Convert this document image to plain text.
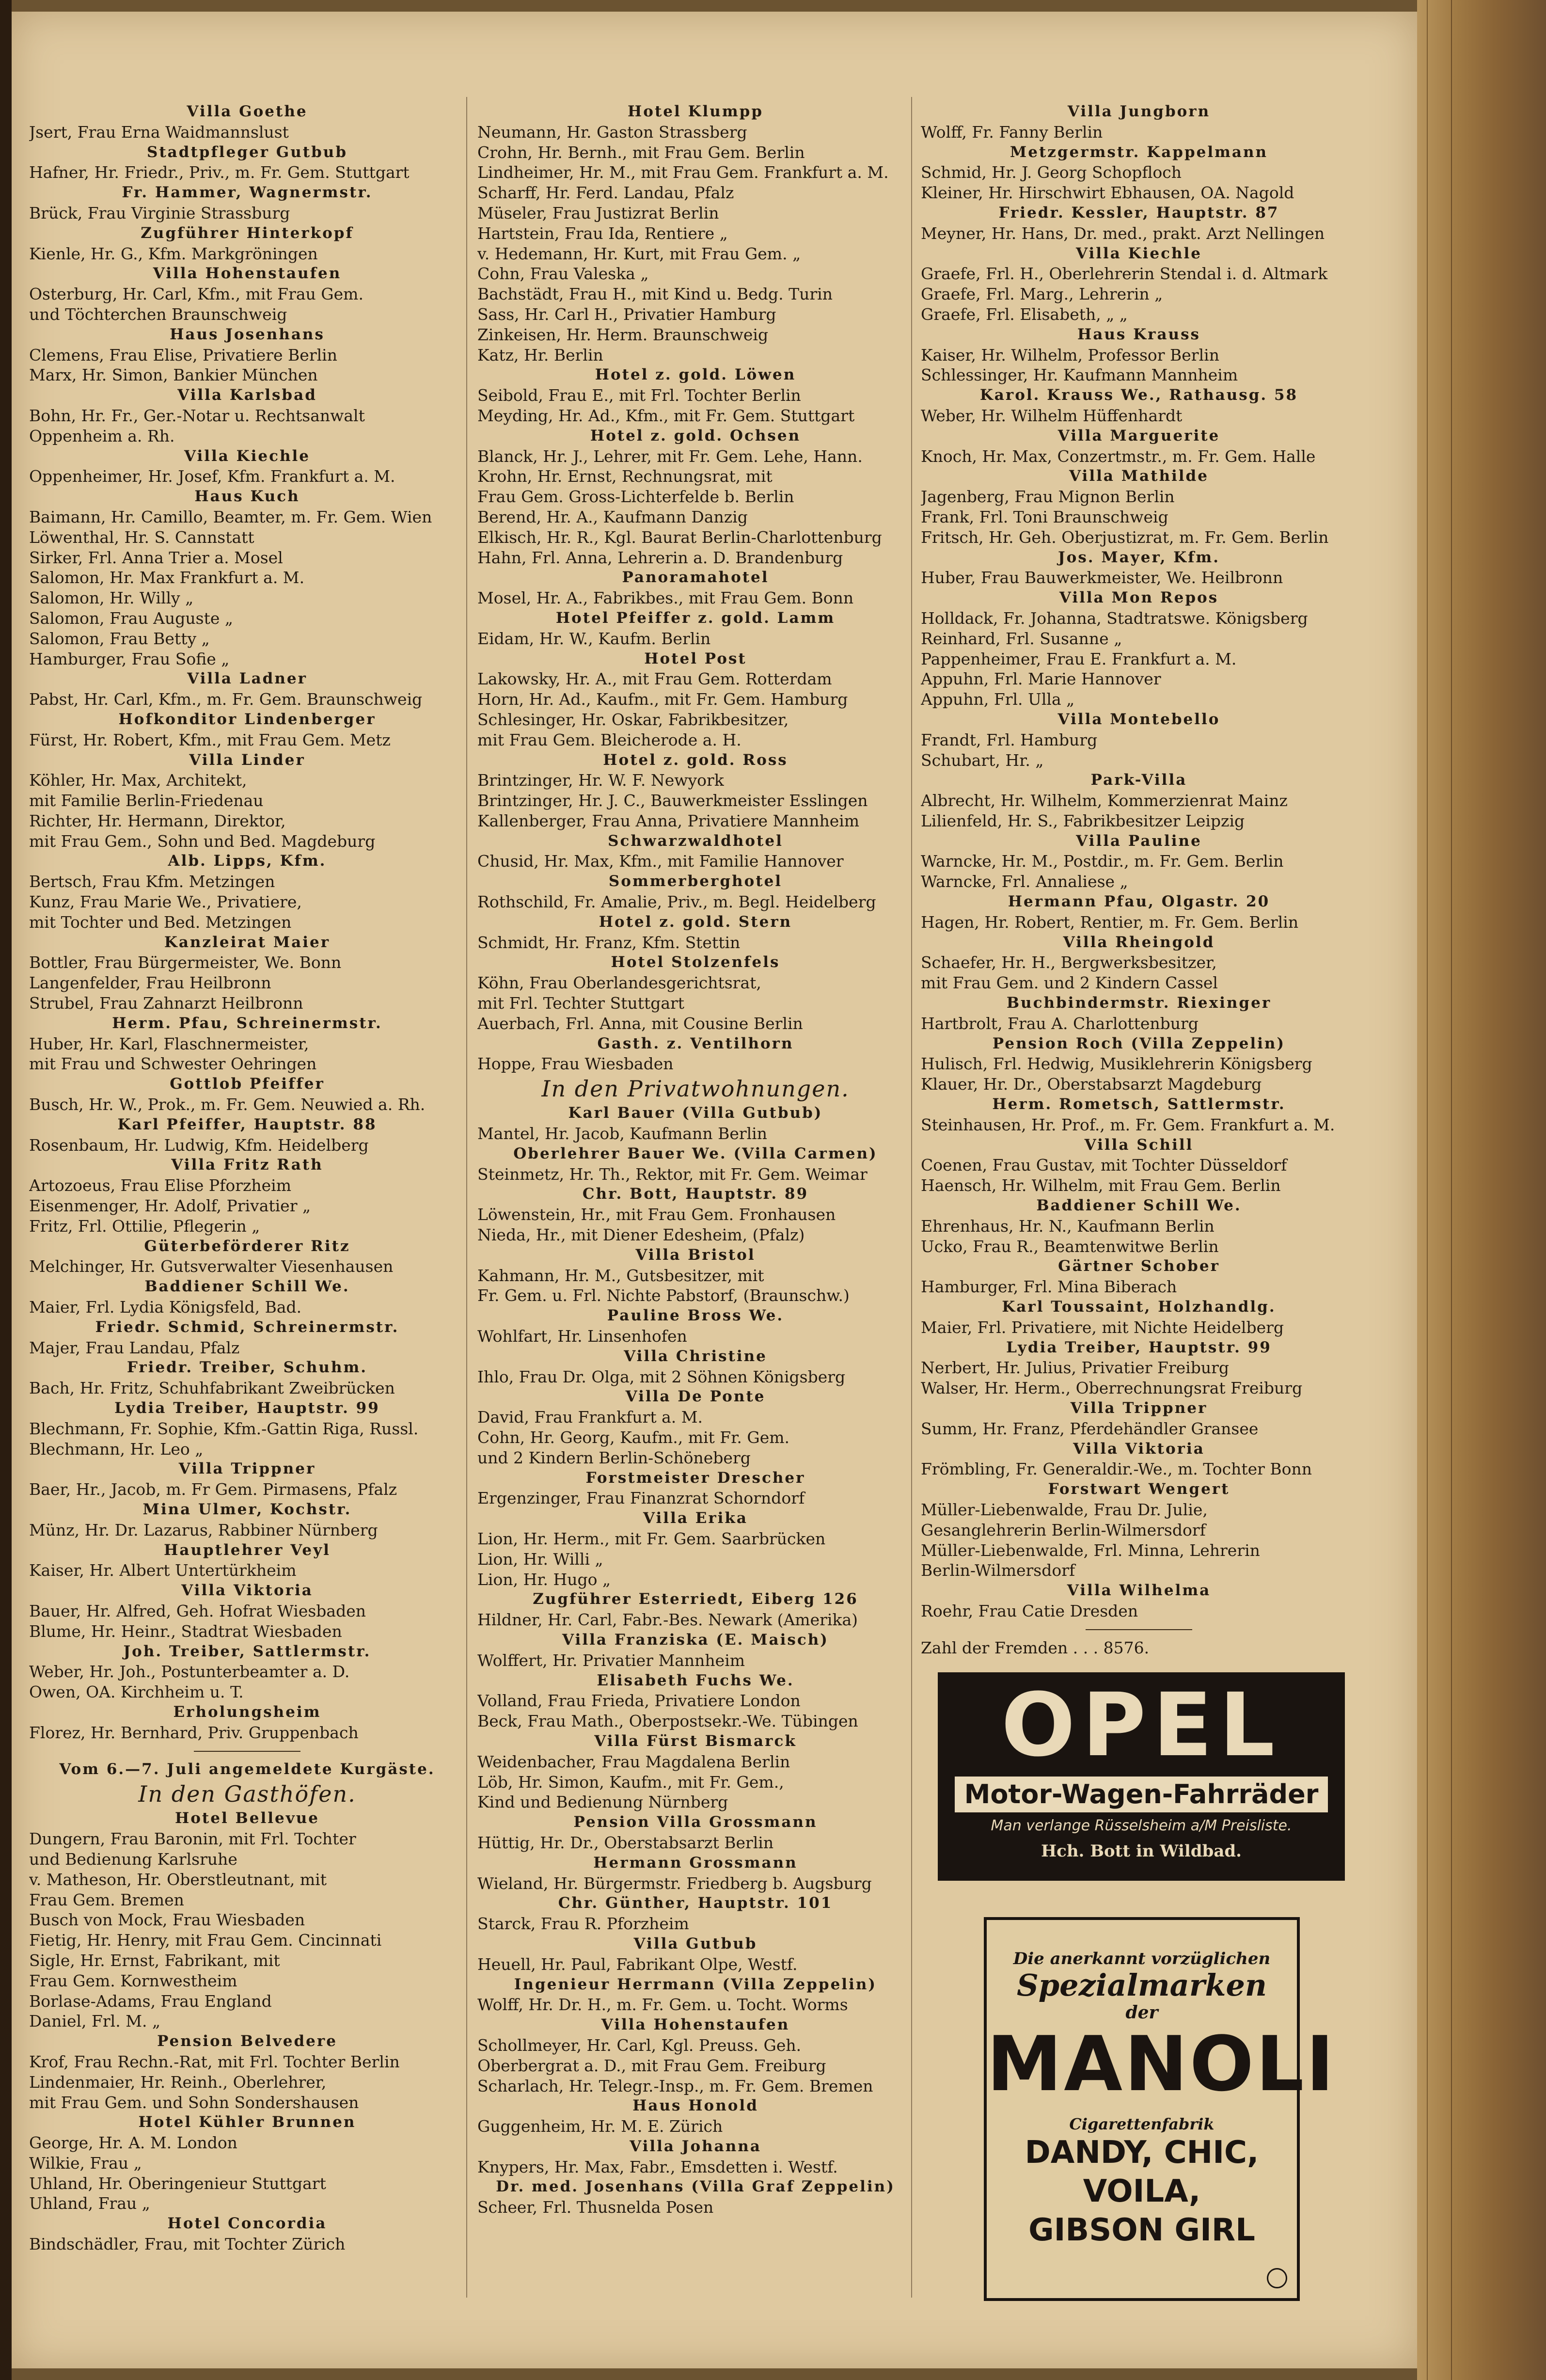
Villa Goethe
Jsert, Frau Erna Waidmannslust
Stadtpfleger Gutbub
Hafner, Hr. Friedr., Priv., m. Fr. Gem. Stuttgart
Fr. Hammer, Wagnermstr.
Brück, Frau Virginie Strassburg
Zugführer Hinterkopf
Kienle, Hr. G., Kfm. Markgröningen
Villa Hohenstaufen
Osterburg, Hr. Carl, Kfm., mit Frau Gem.
und Töchterchen Braunschweig
Haus Josenhans
Clemens, Frau Elise, Privatiere Berlin
Marx, Hr. Simon, Bankier München
Villa Karlsbad
Bohn, Hr. Fr., Ger.-Notar u. Rechtsanwalt
Oppenheim a. Rh.
Villa Kiechle
Oppenheimer, Hr. Josef, Kfm. Frankfurt a. M.
Haus Kuch
Baimann, Hr. Camillo, Beamter, m. Fr. Gem. Wien
Löwenthal, Hr. S. Cannstatt
Sirker, Frl. Anna Trier a. Mosel
Salomon, Hr. Max Frankfurt a. M.
Salomon, Hr. Willy „
Salomon, Frau Auguste „
Salomon, Frau Betty „
Hamburger, Frau Sofie „
Villa Ladner
Pabst, Hr. Carl, Kfm., m. Fr. Gem. Braunschweig
Hofkonditor Lindenberger
Fürst, Hr. Robert, Kfm., mit Frau Gem. Metz
Villa Linder
Köhler, Hr. Max, Architekt,
mit Familie Berlin-Friedenau
Richter, Hr. Hermann, Direktor,
mit Frau Gem., Sohn und Bed. Magdeburg
Alb. Lipps, Kfm.
Bertsch, Frau Kfm. Metzingen
Kunz, Frau Marie We., Privatiere,
mit Tochter und Bed. Metzingen
Kanzleirat Maier
Bottler, Frau Bürgermeister, We. Bonn
Langenfelder, Frau Heilbronn
Strubel, Frau Zahnarzt Heilbronn
Herm. Pfau, Schreinermstr.
Huber, Hr. Karl, Flaschnermeister,
mit Frau und Schwester Oehringen
Gottlob Pfeiffer
Busch, Hr. W., Prok., m. Fr. Gem. Neuwied a. Rh.
Karl Pfeiffer, Hauptstr. 88
Rosenbaum, Hr. Ludwig, Kfm. Heidelberg
Villa Fritz Rath
Artozoeus, Frau Elise Pforzheim
Eisenmenger, Hr. Adolf, Privatier „
Fritz, Frl. Ottilie, Pflegerin „
Güterbeförderer Ritz
Melchinger, Hr. Gutsverwalter Viesenhausen
Baddiener Schill We.
Maier, Frl. Lydia Königsfeld, Bad.
Friedr. Schmid, Schreinermstr.
Majer, Frau Landau, Pfalz
Friedr. Treiber, Schuhm.
Bach, Hr. Fritz, Schuhfabrikant Zweibrücken
Lydia Treiber, Hauptstr. 99
Blechmann, Fr. Sophie, Kfm.-Gattin Riga, Russl.
Blechmann, Hr. Leo „
Villa Trippner
Baer, Hr., Jacob, m. Fr Gem. Pirmasens, Pfalz
Mina Ulmer, Kochstr.
Münz, Hr. Dr. Lazarus, Rabbiner Nürnberg
Hauptlehrer Veyl
Kaiser, Hr. Albert Untertürkheim
Villa Viktoria
Bauer, Hr. Alfred, Geh. Hofrat Wiesbaden
Blume, Hr. Heinr., Stadtrat Wiesbaden
Joh. Treiber, Sattlermstr.
Weber, Hr. Joh., Postunterbeamter a. D.
Owen, OA. Kirchheim u. T.
Erholungsheim
Florez, Hr. Bernhard, Priv. Gruppenbach
Vom 6.—7. Juli angemeldete Kurgäste.
In den Gasthöfen.
Hotel Bellevue
Dungern, Frau Baronin, mit Frl. Tochter
und Bedienung Karlsruhe
v. Matheson, Hr. Oberstleutnant, mit
Frau Gem. Bremen
Busch von Mock, Frau Wiesbaden
Fietig, Hr. Henry, mit Frau Gem. Cincinnati
Sigle, Hr. Ernst, Fabrikant, mit
Frau Gem. Kornwestheim
Borlase-Adams, Frau England
Daniel, Frl. M. „
Pension Belvedere
Krof, Frau Rechn.-Rat, mit Frl. Tochter Berlin
Lindenmaier, Hr. Reinh., Oberlehrer,
mit Frau Gem. und Sohn Sondershausen
Hotel Kühler Brunnen
George, Hr. A. M. London
Wilkie, Frau „
Uhland, Hr. Oberingenieur Stuttgart
Uhland, Frau „
Hotel Concordia
Bindschädler, Frau, mit Tochter Zürich
Hotel Klumpp
Neumann, Hr. Gaston Strassberg
Crohn, Hr. Bernh., mit Frau Gem. Berlin
Lindheimer, Hr. M., mit Frau Gem. Frankfurt a. M.
Scharff, Hr. Ferd. Landau, Pfalz
Müseler, Frau Justizrat Berlin
Hartstein, Frau Ida, Rentiere „
v. Hedemann, Hr. Kurt, mit Frau Gem. „
Cohn, Frau Valeska „
Bachstädt, Frau H., mit Kind u. Bedg. Turin
Sass, Hr. Carl H., Privatier Hamburg
Zinkeisen, Hr. Herm. Braunschweig
Katz, Hr. Berlin
Hotel z. gold. Löwen
Seibold, Frau E., mit Frl. Tochter Berlin
Meyding, Hr. Ad., Kfm., mit Fr. Gem. Stuttgart
Hotel z. gold. Ochsen
Blanck, Hr. J., Lehrer, mit Fr. Gem. Lehe, Hann.
Krohn, Hr. Ernst, Rechnungsrat, mit
Frau Gem. Gross-Lichterfelde b. Berlin
Berend, Hr. A., Kaufmann Danzig
Elkisch, Hr. R., Kgl. Baurat Berlin-Charlottenburg
Hahn, Frl. Anna, Lehrerin a. D. Brandenburg
Panoramahotel
Mosel, Hr. A., Fabrikbes., mit Frau Gem. Bonn
Hotel Pfeiffer z. gold. Lamm
Eidam, Hr. W., Kaufm. Berlin
Hotel Post
Lakowsky, Hr. A., mit Frau Gem. Rotterdam
Horn, Hr. Ad., Kaufm., mit Fr. Gem. Hamburg
Schlesinger, Hr. Oskar, Fabrikbesitzer,
mit Frau Gem. Bleicherode a. H.
Hotel z. gold. Ross
Brintzinger, Hr. W. F. Newyork
Brintzinger, Hr. J. C., Bauwerkmeister Esslingen
Kallenberger, Frau Anna, Privatiere Mannheim
Schwarzwaldhotel
Chusid, Hr. Max, Kfm., mit Familie Hannover
Sommerberghotel
Rothschild, Fr. Amalie, Priv., m. Begl. Heidelberg
Hotel z. gold. Stern
Schmidt, Hr. Franz, Kfm. Stettin
Hotel Stolzenfels
Köhn, Frau Oberlandesgerichtsrat,
mit Frl. Techter Stuttgart
Auerbach, Frl. Anna, mit Cousine Berlin
Gasth. z. Ventilhorn
Hoppe, Frau Wiesbaden
In den Privatwohnungen.
Karl Bauer (Villa Gutbub)
Mantel, Hr. Jacob, Kaufmann Berlin
Oberlehrer Bauer We. (Villa Carmen)
Steinmetz, Hr. Th., Rektor, mit Fr. Gem. Weimar
Chr. Bott, Hauptstr. 89
Löwenstein, Hr., mit Frau Gem. Fronhausen
Nieda, Hr., mit Diener Edesheim, (Pfalz)
Villa Bristol
Kahmann, Hr. M., Gutsbesitzer, mit
Fr. Gem. u. Frl. Nichte Pabstorf, (Braunschw.)
Pauline Bross We.
Wohlfart, Hr. Linsenhofen
Villa Christine
Ihlo, Frau Dr. Olga, mit 2 Söhnen Königsberg
Villa De Ponte
David, Frau Frankfurt a. M.
Cohn, Hr. Georg, Kaufm., mit Fr. Gem.
und 2 Kindern Berlin-Schöneberg
Forstmeister Drescher
Ergenzinger, Frau Finanzrat Schorndorf
Villa Erika
Lion, Hr. Herm., mit Fr. Gem. Saarbrücken
Lion, Hr. Willi „
Lion, Hr. Hugo „
Zugführer Esterriedt, Eiberg 126
Hildner, Hr. Carl, Fabr.-Bes. Newark (Amerika)
Villa Franziska (E. Maisch)
Wolffert, Hr. Privatier Mannheim
Elisabeth Fuchs We.
Volland, Frau Frieda, Privatiere London
Beck, Frau Math., Oberpostsekr.-We. Tübingen
Villa Fürst Bismarck
Weidenbacher, Frau Magdalena Berlin
Löb, Hr. Simon, Kaufm., mit Fr. Gem.,
Kind und Bedienung Nürnberg
Pension Villa Grossmann
Hüttig, Hr. Dr., Oberstabsarzt Berlin
Hermann Grossmann
Wieland, Hr. Bürgermstr. Friedberg b. Augsburg
Chr. Günther, Hauptstr. 101
Starck, Frau R. Pforzheim
Villa Gutbub
Heuell, Hr. Paul, Fabrikant Olpe, Westf.
Ingenieur Herrmann (Villa Zeppelin)
Wolff, Hr. Dr. H., m. Fr. Gem. u. Tocht. Worms
Villa Hohenstaufen
Schollmeyer, Hr. Carl, Kgl. Preuss. Geh.
Oberbergrat a. D., mit Frau Gem. Freiburg
Scharlach, Hr. Telegr.-Insp., m. Fr. Gem. Bremen
Haus Honold
Guggenheim, Hr. M. E. Zürich
Villa Johanna
Knypers, Hr. Max, Fabr., Emsdetten i. Westf.
Dr. med. Josenhans (Villa Graf Zeppelin)
Scheer, Frl. Thusnelda Posen
Villa Jungborn
Wolff, Fr. Fanny Berlin
Metzgermstr. Kappelmann
Schmid, Hr. J. Georg Schopfloch
Kleiner, Hr. Hirschwirt Ebhausen, OA. Nagold
Friedr. Kessler, Hauptstr. 87
Meyner, Hr. Hans, Dr. med., prakt. Arzt Nellingen
Villa Kiechle
Graefe, Frl. H., Oberlehrerin Stendal i. d. Altmark
Graefe, Frl. Marg., Lehrerin „
Graefe, Frl. Elisabeth, „ „
Haus Krauss
Kaiser, Hr. Wilhelm, Professor Berlin
Schlessinger, Hr. Kaufmann Mannheim
Karol. Krauss We., Rathausg. 58
Weber, Hr. Wilhelm Hüffenhardt
Villa Marguerite
Knoch, Hr. Max, Conzertmstr., m. Fr. Gem. Halle
Villa Mathilde
Jagenberg, Frau Mignon Berlin
Frank, Frl. Toni Braunschweig
Fritsch, Hr. Geh. Oberjustizrat, m. Fr. Gem. Berlin
Jos. Mayer, Kfm.
Huber, Frau Bauwerkmeister, We. Heilbronn
Villa Mon Repos
Holldack, Fr. Johanna, Stadtratswe. Königsberg
Reinhard, Frl. Susanne „
Pappenheimer, Frau E. Frankfurt a. M.
Appuhn, Frl. Marie Hannover
Appuhn, Frl. Ulla „
Villa Montebello
Frandt, Frl. Hamburg
Schubart, Hr. „
Park-Villa
Albrecht, Hr. Wilhelm, Kommerzienrat Mainz
Lilienfeld, Hr. S., Fabrikbesitzer Leipzig
Villa Pauline
Warncke, Hr. M., Postdir., m. Fr. Gem. Berlin
Warncke, Frl. Annaliese „
Hermann Pfau, Olgastr. 20
Hagen, Hr. Robert, Rentier, m. Fr. Gem. Berlin
Villa Rheingold
Schaefer, Hr. H., Bergwerksbesitzer,
mit Frau Gem. und 2 Kindern Cassel
Buchbindermstr. Riexinger
Hartbrolt, Frau A. Charlottenburg
Pension Roch (Villa Zeppelin)
Hulisch, Frl. Hedwig, Musiklehrerin Königsberg
Klauer, Hr. Dr., Oberstabsarzt Magdeburg
Herm. Rometsch, Sattlermstr.
Steinhausen, Hr. Prof., m. Fr. Gem. Frankfurt a. M.
Villa Schill
Coenen, Frau Gustav, mit Tochter Düsseldorf
Haensch, Hr. Wilhelm, mit Frau Gem. Berlin
Baddiener Schill We.
Ehrenhaus, Hr. N., Kaufmann Berlin
Ucko, Frau R., Beamtenwitwe Berlin
Gärtner Schober
Hamburger, Frl. Mina Biberach
Karl Toussaint, Holzhandlg.
Maier, Frl. Privatiere, mit Nichte Heidelberg
Lydia Treiber, Hauptstr. 99
Nerbert, Hr. Julius, Privatier Freiburg
Walser, Hr. Herm., Oberrechnungsrat Freiburg
Villa Trippner
Summ, Hr. Franz, Pferdehändler Gransee
Villa Viktoria
Frömbling, Fr. Generaldir.-We., m. Tochter Bonn
Forstwart Wengert
Müller-Liebenwalde, Frau Dr. Julie,
Gesanglehrerin Berlin-Wilmersdorf
Müller-Liebenwalde, Frl. Minna, Lehrerin
Berlin-Wilmersdorf
Villa Wilhelma
Roehr, Frau Catie Dresden
Zahl der Fremden . . . 8576.
OPEL
Motor-Wagen-Fahrräder
Man verlange Rüsselsheim a/M Preisliste.
Hch. Bott in Wildbad.
Die anerkannt vorzüglichen
Spezialmarken
der
MANOLI
Cigarettenfabrik
DANDY, CHIC,
VOILA,
GIBSON GIRL
